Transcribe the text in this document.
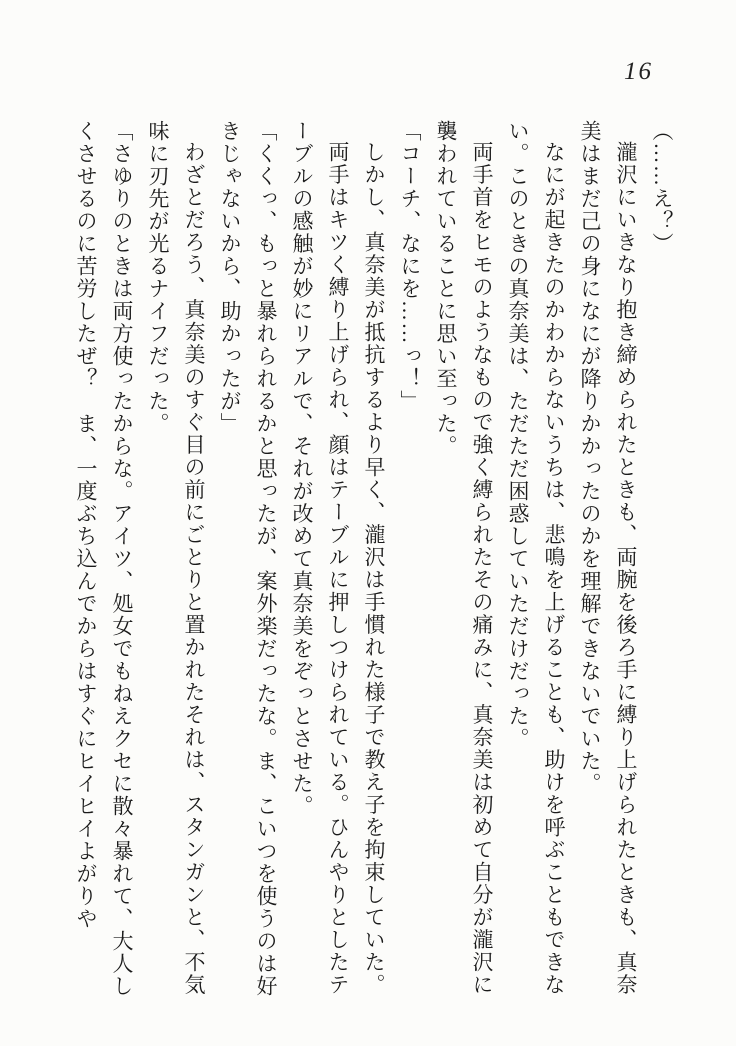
16

（……え？）

瀧沢にいきなり抱き締められたときも、両腕を後ろ手に縛り上げられたときも、真奈美はまだ己の身になにが降りかかったのかを理解できないでいた。

なにが起きたのかわからないうちは、悲鳴を上げることも、助けを呼ぶこともできない。このときの真奈美は、ただただ困惑していただけだった。

両手首をヒモのようなもので強く縛られたその痛みに、真奈美は初めて自分が瀧沢に襲われていることに思い至った。

「コーチ、なにを……っ！」

しかし、真奈美が抵抗するより早く、瀧沢は手慣れた様子で教え子を拘束していた。

両手はキツく縛り上げられ、顔はテーブルに押しつけられている。ひんやりとしたテーブルの感触が妙にリアルで、それが改めて真奈美をぞっとさせた。

「くくっ、もっと暴れられるかと思ったが、案外楽だったな。ま、こいつを使うのは好きじゃないから、助かったが」

わざとだろう、真奈美のすぐ目の前にごとりと置かれたそれは、スタンガンと、不気味に刃先が光るナイフだった。

「さゆりのときは両方使ったからな。アイツ、処女でもねえクセに散々暴れて、大人しくさせるのに苦労したぜ？　ま、一度ぶち込んでからはすぐにヒイヒイよがりや
